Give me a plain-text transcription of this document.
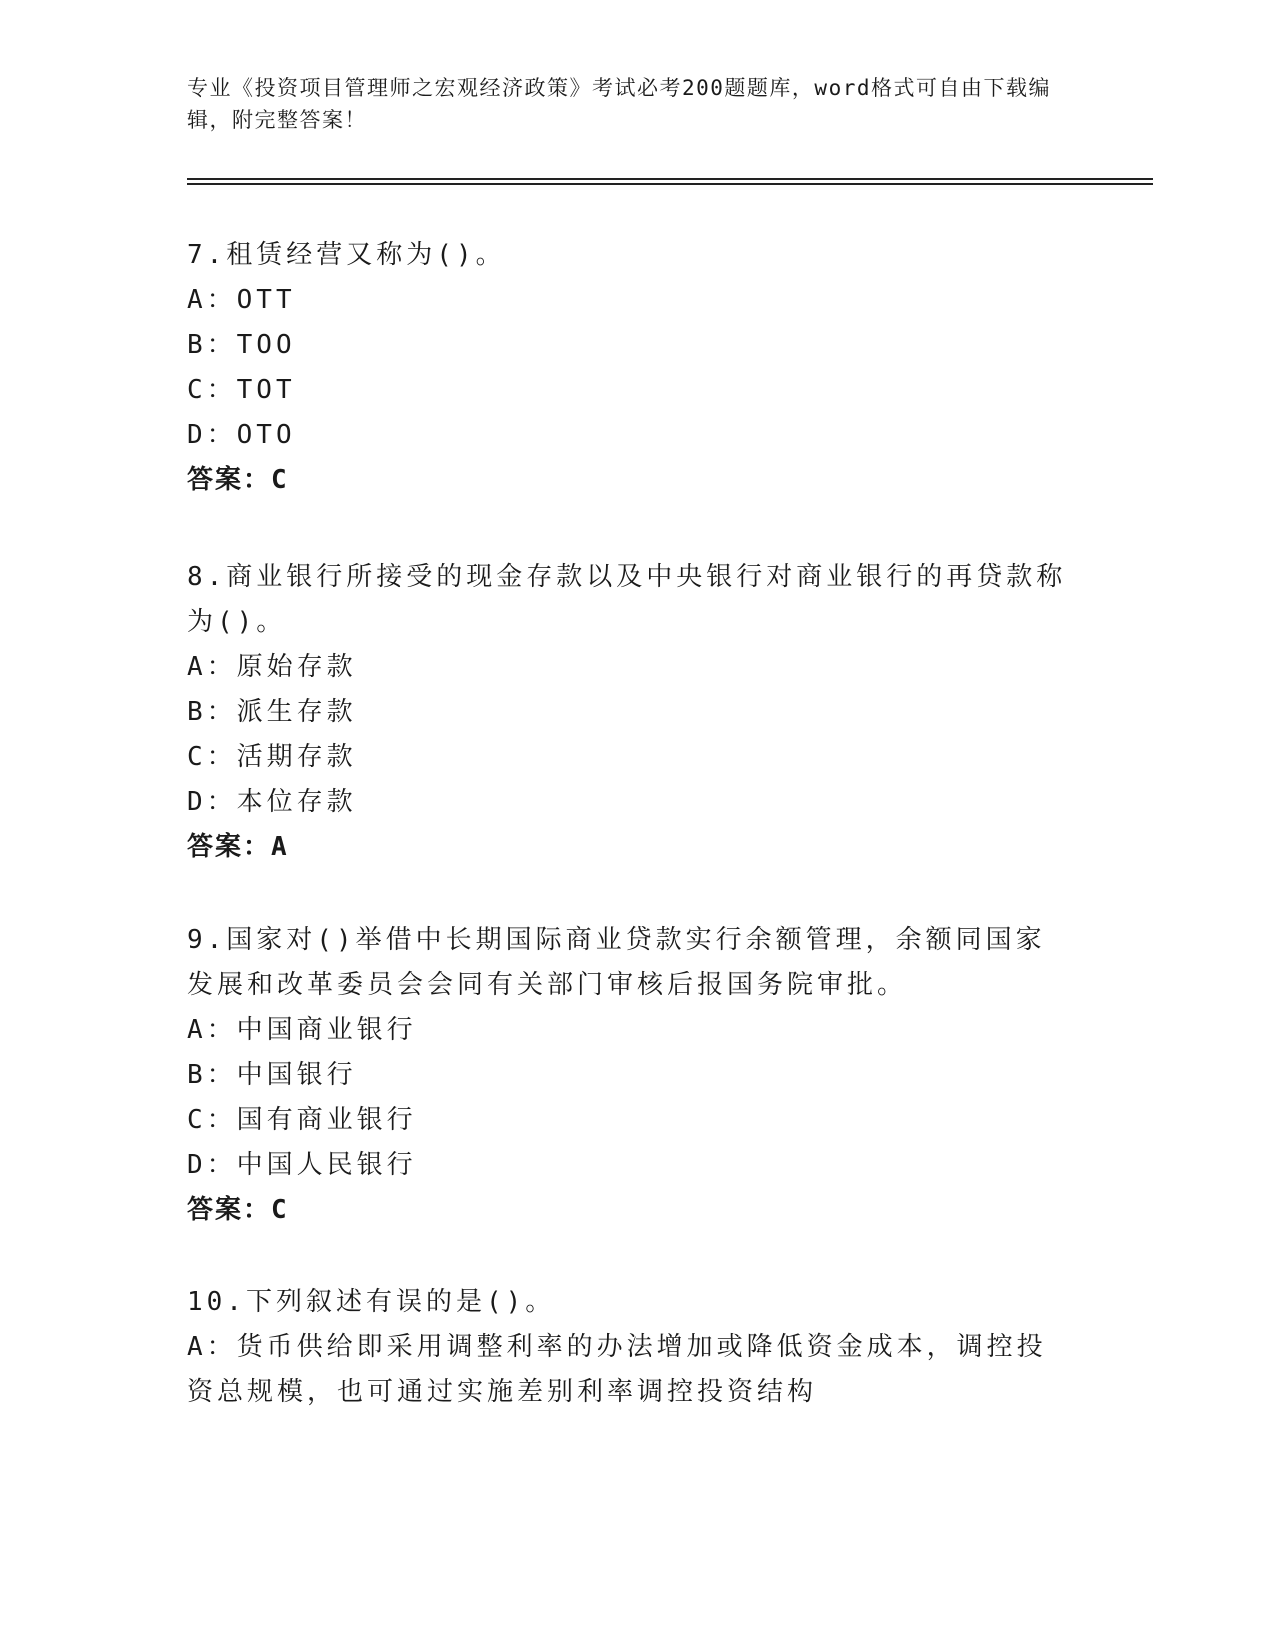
专业《投资项目管理师之宏观经济政策》考试必考200题题库，word格式可自由下载编辑，附完整答案！
7.租赁经营又称为()。
A：OTT
B：TOO
C：TOT
D：OTO
答案：C
8.商业银行所接受的现金存款以及中央银行对商业银行的再贷款称为()。
A：原始存款
B：派生存款
C：活期存款
D：本位存款
答案：A
9.国家对()举借中长期国际商业贷款实行余额管理，余额同国家发展和改革委员会会同有关部门审核后报国务院审批。
A：中国商业银行
B：中国银行
C：国有商业银行
D：中国人民银行
答案：C
10.下列叙述有误的是()。
A：货币供给即采用调整利率的办法增加或降低资金成本，调控投资总规模，也可通过实施差别利率调控投资结构
